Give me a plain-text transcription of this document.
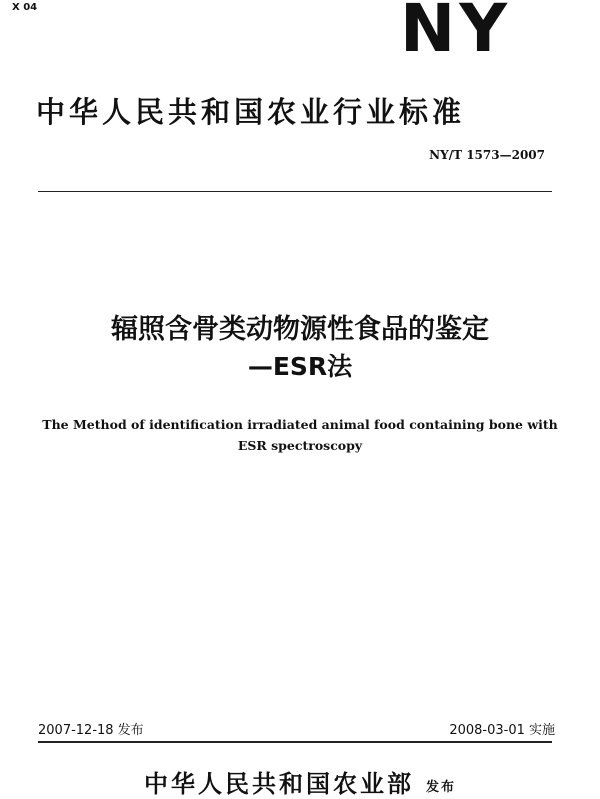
X 04	NY
中华人民共和国农业行业标准
NY/T 1573—2007
辐照含骨类动物源性食品的鉴定
—ESR法
The Method of identification irradiated animal food containing bone with ESR spectroscopy
2007-12-18 发布	2008-03-01 实施
中华人民共和国农业部 发布
